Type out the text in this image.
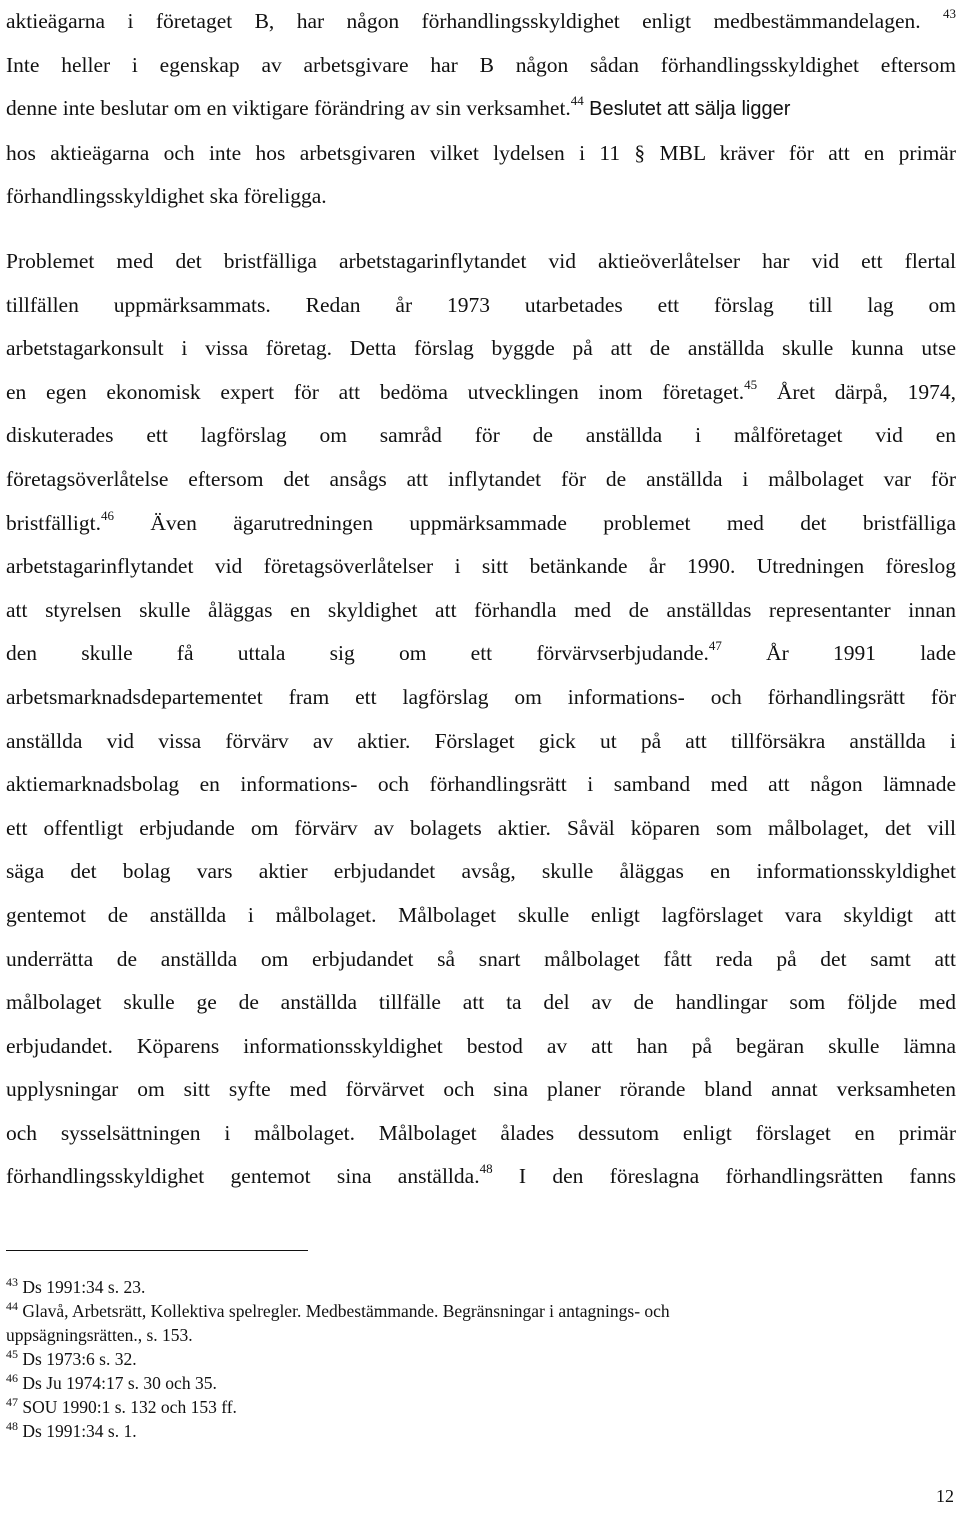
aktieägarna i företaget B, har någon förhandlingsskyldighet enligt medbestämmandelagen. $^{43}$
Inte heller i egenskap av arbetsgivare har B någon sådan förhandlingsskyldighet eftersom
denne inte beslutar om en viktigare förändring av sin verksamhet.$^{44}$ Beslutet att sälja ligger
hos aktieägarna och inte hos arbetsgivaren vilket lydelsen i 11 § MBL kräver för att en primär
förhandlingsskyldighet ska föreligga.
Problemet med det bristfälliga arbetstagarinflytandet vid aktieöverlåtelser har vid ett flertal
tillfällen uppmärksammats. Redan år 1973 utarbetades ett förslag till lag om
arbetstagarkonsult i vissa företag. Detta förslag byggde på att de anställda skulle kunna utse
en egen ekonomisk expert för att bedöma utvecklingen inom företaget.$^{45}$ Året därpå, 1974,
diskuterades ett lagförslag om samråd för de anställda i målföretaget vid en
företagsöverlåtelse eftersom det ansågs att inflytandet för de anställda i målbolaget var för
bristfälligt.$^{46}$ Även ägarutredningen uppmärksammade problemet med det bristfälliga
arbetstagarinflytandet vid företagsöverlåtelser i sitt betänkande år 1990. Utredningen föreslog
att styrelsen skulle åläggas en skyldighet att förhandla med de anställdas representanter innan
den skulle få uttala sig om ett förvärvserbjudande.$^{47}$ År 1991 lade
arbetsmarknadsdepartementet fram ett lagförslag om informations- och förhandlingsrätt för
anställda vid vissa förvärv av aktier. Förslaget gick ut på att tillförsäkra anställda i
aktiemarknadsbolag en informations- och förhandlingsrätt i samband med att någon lämnade
ett offentligt erbjudande om förvärv av bolagets aktier. Såväl köparen som målbolaget, det vill
säga det bolag vars aktier erbjudandet avsåg, skulle åläggas en informationsskyldighet
gentemot de anställda i målbolaget. Målbolaget skulle enligt lagförslaget vara skyldigt att
underrätta de anställda om erbjudandet så snart målbolaget fått reda på det samt att
målbolaget skulle ge de anställda tillfälle att ta del av de handlingar som följde med
erbjudandet. Köparens informationsskyldighet bestod av att han på begäran skulle lämna
upplysningar om sitt syfte med förvärvet och sina planer rörande bland annat verksamheten
och sysselsättningen i målbolaget. Målbolaget ålades dessutom enligt förslaget en primär
förhandlingsskyldighet gentemot sina anställda.$^{48}$ I den föreslagna förhandlingsrätten fanns
$^{43}$ Ds 1991:34 s. 23.
$^{44}$ Glavå, Arbetsrätt, Kollektiva spelregler. Medbestämmande. Begränsningar i antagnings- och
uppsägningsrätten., s. 153.
$^{45}$ Ds 1973:6 s. 32.
$^{46}$ Ds Ju 1974:17 s. 30 och 35.
$^{47}$ SOU 1990:1 s. 132 och 153 ff.
$^{48}$ Ds 1991:34 s. 1.
12
